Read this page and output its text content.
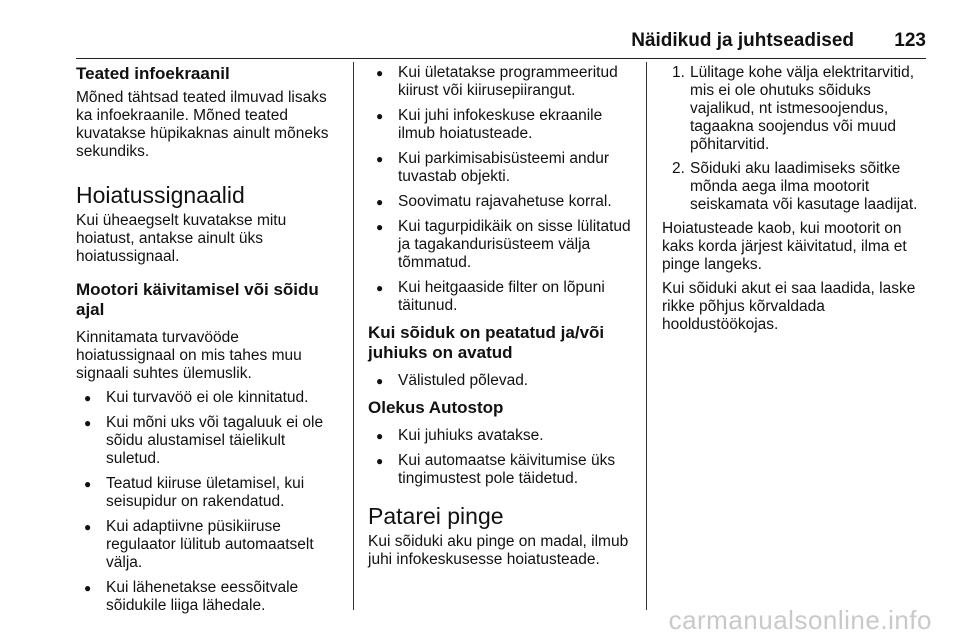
Näidikud ja juhtseadised 123
Teated infoekraanil

Mõned tähtsad teated ilmuvad lisaks ka infoekraanile. Mõned teated kuvatakse hüpikaknas ainult mõneks sekundiks.

Hoiatussignaalid

Kui üheaegselt kuvatakse mitu hoiatust, antakse ainult üks hoiatussignaal.

Mootori käivitamisel või sõidu ajal

Kinnitamata turvavööde hoiatussignaal on mis tahes muu signaali suhtes ülemuslik.

● Kui turvavöö ei ole kinnitatud.
● Kui mõni uks või tagaluuk ei ole sõidu alustamisel täielikult suletud.
● Teatud kiiruse ületamisel, kui seisupidur on rakendatud.
● Kui adaptiivne püsikiiruse regulaator lülitub automaatselt välja.
● Kui lähenetakse eessõitvale sõidukile liiga lähedale.
● Kui ületatakse programmeeritud kiirust või kiirusepiirangut.
● Kui juhi infokeskuse ekraanile ilmub hoiatusteade.
● Kui parkimisabisüsteemi andur tuvastab objekti.
● Soovimatu rajavahetuse korral.
● Kui tagurpidikäik on sisse lülitatud ja tagakandurisüsteem välja tõmmatud.
● Kui heitgaaside filter on lõpuni täitunud.
Kui sõiduk on peatatud ja/või juhiuks on avatud
● Välistuled põlevad.
Olekus Autostop
● Kui juhiuks avatakse.
● Kui automaatse käivitumise üks tingimustest pole täidetud.
Patarei pinge

Kui sõiduki aku pinge on madal, ilmub juhi infokeskusesse hoiatusteade.

1. Lülitage kohe välja elektritarvitid, mis ei ole ohutuks sõiduks vajalikud, nt istmesoojendus, tagaakna soojendus või muud põhitarvitid.
2. Sõiduki aku laadimiseks sõitke mõnda aega ilma mootorit seiskamata või kasutage laadijat.

Hoiatusteade kaob, kui mootorit on kaks korda järjest käivitatud, ilma et pinge langeks.

Kui sõiduki akut ei saa laadida, laske rikke põhjus kõrvaldada hooldustöökojas.

carmanualsonline.info
